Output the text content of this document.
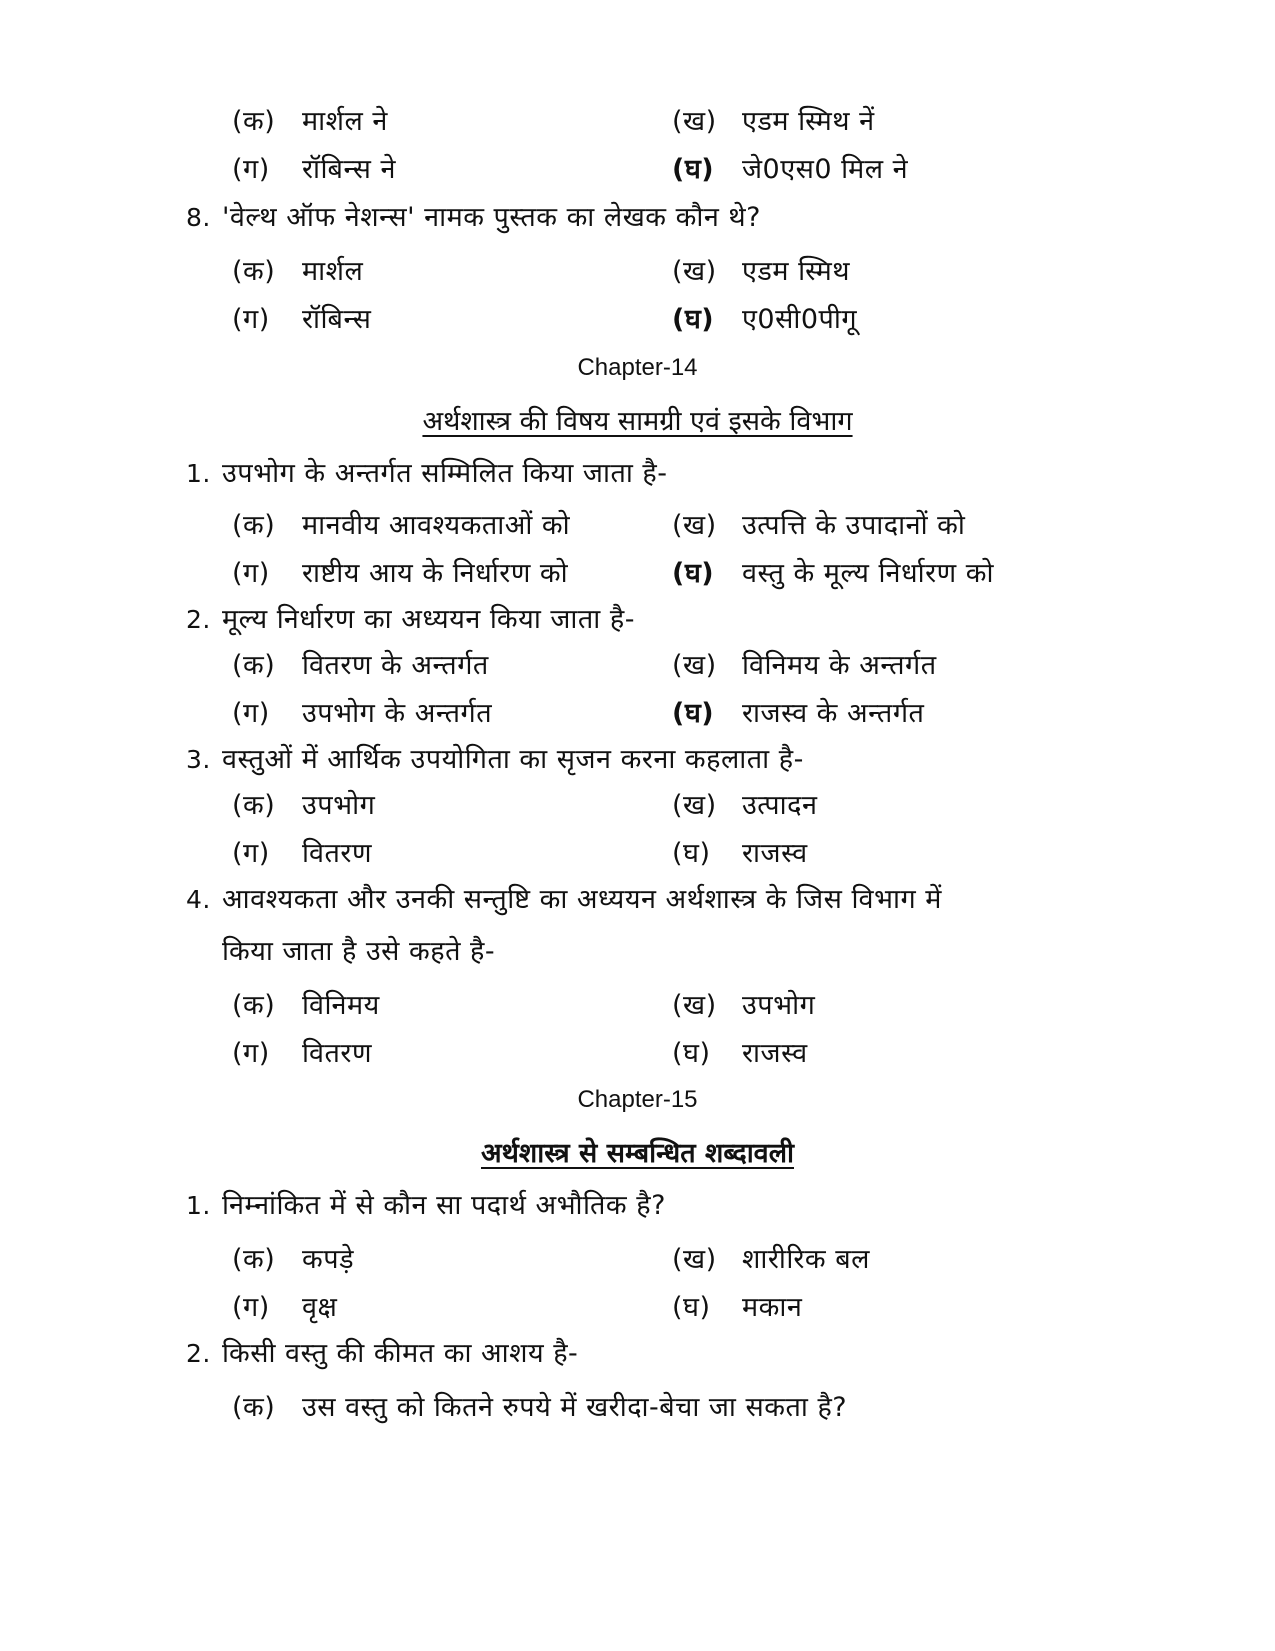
(क) मार्शल ने	(ख) एडम स्मिथ नें
(ग) रॉबिन्स ने	(घ) जे0एस0 मिल ने
8. 'वेल्थ ऑफ नेशन्स' नामक पुस्तक का लेखक कौन थे?
(क) मार्शल	(ख) एडम स्मिथ
(ग) रॉबिन्स	(घ) ए0सी0पीगू
Chapter-14
अर्थशास्त्र की विषय सामग्री एवं इसके विभाग
1. उपभोग के अन्तर्गत सम्मिलित किया जाता है-
(क) मानवीय आवश्यकताओं को	(ख) उत्पत्ति के उपादानों को
(ग) राष्टीय आय के निर्धारण को	(घ) वस्तु के मूल्य निर्धारण को
2. मूल्य निर्धारण का अध्ययन किया जाता है-
(क) वितरण के अन्तर्गत	(ख) विनिमय के अन्तर्गत
(ग) उपभोग के अन्तर्गत	(घ) राजस्व के अन्तर्गत
3. वस्तुओं में आर्थिक उपयोगिता का सृजन करना कहलाता है-
(क) उपभोग	(ख) उत्पादन
(ग) वितरण	(घ) राजस्व
4. आवश्यकता और उनकी सन्तुष्टि का अध्ययन अर्थशास्त्र के जिस विभाग में
किया जाता है उसे कहते है-
(क) विनिमय	(ख) उपभोग
(ग) वितरण	(घ) राजस्व
Chapter-15
अर्थशास्त्र से सम्बन्धित शब्दावली
1. निम्नांकित में से कौन सा पदार्थ अभौतिक है?
(क) कपड़े	(ख) शारीरिक बल
(ग) वृक्ष	(घ) मकान
2. किसी वस्तु की कीमत का आशय है-
(क) उस वस्तु को कितने रुपये में खरीदा-बेचा जा सकता है?
